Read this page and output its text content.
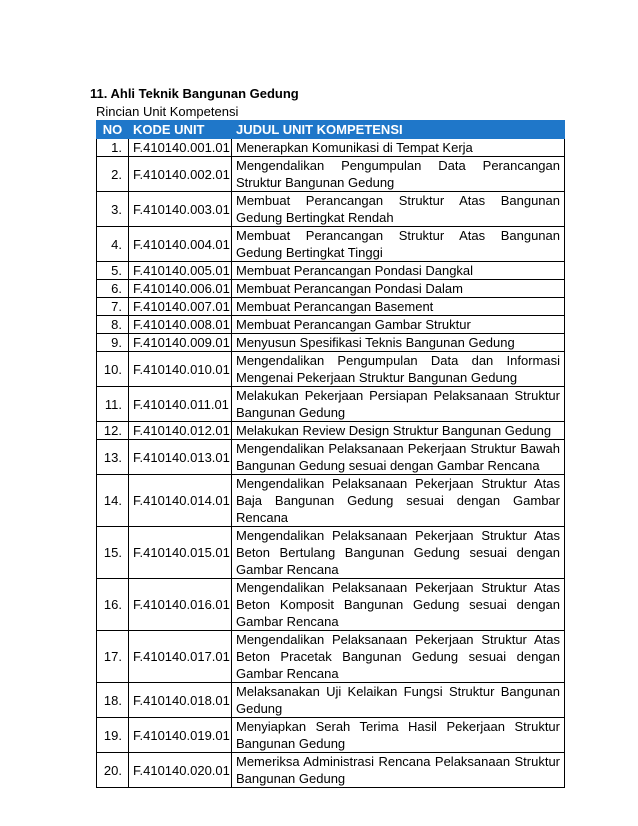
11. Ahli Teknik Bangunan Gedung
Rincian Unit Kompetensi
NO	KODE UNIT	JUDUL UNIT KOMPETENSI
1.	F.410140.001.01	Menerapkan Komunikasi di Tempat Kerja
2.	F.410140.002.01	Mengendalikan Pengumpulan Data Perancangan Struktur Bangunan Gedung
3.	F.410140.003.01	Membuat Perancangan Struktur Atas Bangunan Gedung Bertingkat Rendah
4.	F.410140.004.01	Membuat Perancangan Struktur Atas Bangunan Gedung Bertingkat Tinggi
5.	F.410140.005.01	Membuat Perancangan Pondasi Dangkal
6.	F.410140.006.01	Membuat Perancangan Pondasi Dalam
7.	F.410140.007.01	Membuat Perancangan Basement
8.	F.410140.008.01	Membuat Perancangan Gambar Struktur
9.	F.410140.009.01	Menyusun Spesifikasi Teknis Bangunan Gedung
10.	F.410140.010.01	Mengendalikan Pengumpulan Data dan Informasi Mengenai Pekerjaan Struktur Bangunan Gedung
11.	F.410140.011.01	Melakukan Pekerjaan Persiapan Pelaksanaan Struktur Bangunan Gedung
12.	F.410140.012.01	Melakukan Review Design Struktur Bangunan Gedung
13.	F.410140.013.01	Mengendalikan Pelaksanaan Pekerjaan Struktur Bawah Bangunan Gedung sesuai dengan Gambar Rencana
14.	F.410140.014.01	Mengendalikan Pelaksanaan Pekerjaan Struktur Atas Baja Bangunan Gedung sesuai dengan Gambar Rencana
15.	F.410140.015.01	Mengendalikan Pelaksanaan Pekerjaan Struktur Atas Beton Bertulang Bangunan Gedung sesuai dengan Gambar Rencana
16.	F.410140.016.01	Mengendalikan Pelaksanaan Pekerjaan Struktur Atas Beton Komposit Bangunan Gedung sesuai dengan Gambar Rencana
17.	F.410140.017.01	Mengendalikan Pelaksanaan Pekerjaan Struktur Atas Beton Pracetak Bangunan Gedung sesuai dengan Gambar Rencana
18.	F.410140.018.01	Melaksanakan Uji Kelaikan Fungsi Struktur Bangunan Gedung
19.	F.410140.019.01	Menyiapkan Serah Terima Hasil Pekerjaan Struktur Bangunan Gedung
20.	F.410140.020.01	Memeriksa Administrasi Rencana Pelaksanaan Struktur Bangunan Gedung
